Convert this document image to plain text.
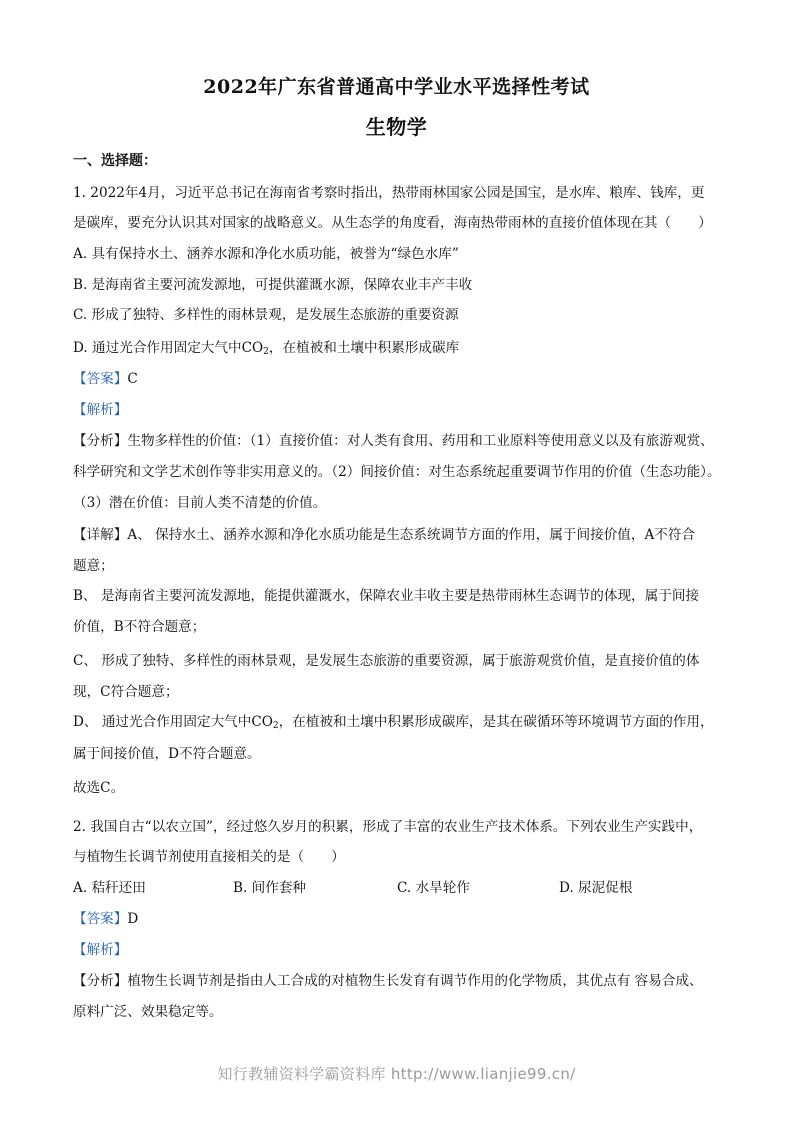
2022年广东省普通高中学业水平选择性考试
生物学
一、选择题：
1. 2022年4月，习近平总书记在海南省考察时指出，热带雨林国家公园是国宝，是水库、粮库、钱库，更
是碳库，要充分认识其对国家的战略意义。从生态学的角度看，海南热带雨林的直接价值体现在其（　　）
A. 具有保持水土、涵养水源和净化水质功能，被誉为“绿色水库”
B. 是海南省主要河流发源地，可提供灌溉水源，保障农业丰产丰收
C. 形成了独特、多样性的雨林景观，是发展生态旅游的重要资源
D. 通过光合作用固定大气中$CO_2$，在植被和土壤中积累形成碳库
【答案】C
【解析】
【分析】生物多样性的价值：（1）直接价值：对人类有食用、药用和工业原料等使用意义以及有旅游观赏、
科学研究和文学艺术创作等非实用意义的。（2）间接价值：对生态系统起重要调节作用的价值（生态功能）。
（3）潜在价值：目前人类不清楚的价值。
【详解】A、 保持水土、涵养水源和净化水质功能是生态系统调节方面的作用，属于间接价值，A不符合
题意；
B、 是海南省主要河流发源地，能提供灌溉水，保障农业丰收主要是热带雨林生态调节的体现，属于间接
价值，B不符合题意；
C、 形成了独特、多样性的雨林景观，是发展生态旅游的重要资源，属于旅游观赏价值，是直接价值的体
现，C符合题意；
D、 通过光合作用固定大气中$CO_2$，在植被和土壤中积累形成碳库，是其在碳循环等环境调节方面的作用，
属于间接价值，D不符合题意。
故选C。
2. 我国自古“以农立国”，经过悠久岁月的积累，形成了丰富的农业生产技术体系。下列农业生产实践中，
与植物生长调节剂使用直接相关的是（　　）
A. 秸秆还田	B. 间作套种	C. 水旱轮作	D. 尿泥促根
【答案】D
【解析】
【分析】植物生长调节剂是指由人工合成的对植物生长发育有调节作用的化学物质，其优点有 容易合成、
原料广泛、效果稳定等。
知行教辅资料学霸资料库 http://www.lianjie99.cn/
